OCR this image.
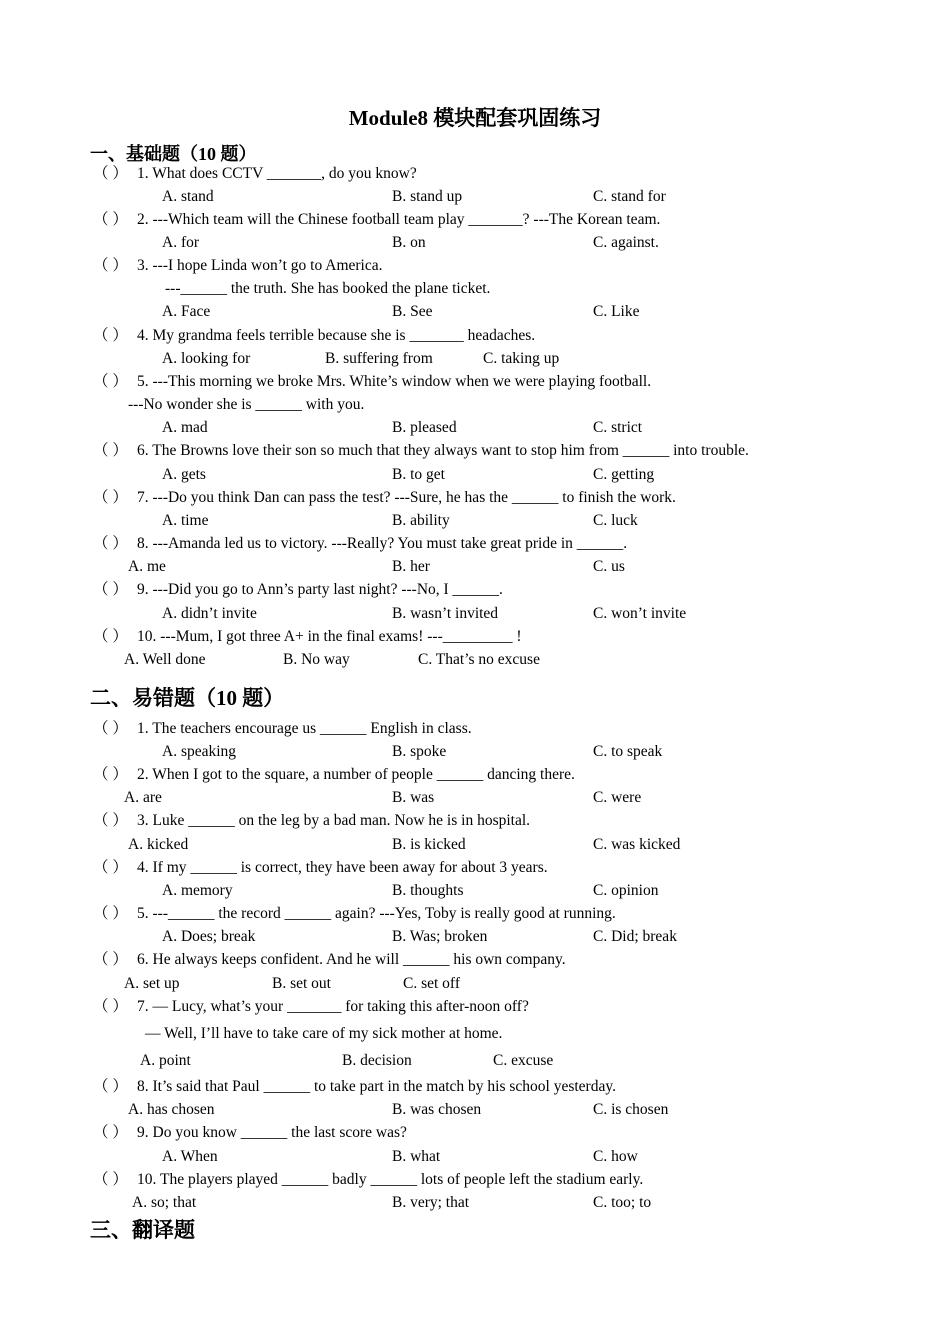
Module8 模块配套巩固练习
一、基础题（10 题）
（ ） 1. What does CCTV _______, do you know?
A. stand	B. stand up	C. stand for
（ ） 2. ---Which team will the Chinese football team play _______? ---The Korean team.
A. for	B. on	C. against.
（ ） 3. ---I hope Linda won’t go to America.
---______ the truth. She has booked the plane ticket.
A. Face	B. See	C. Like
（ ） 4. My grandma feels terrible because she is _______ headaches.
A. looking for	B. suffering from	C. taking up
（ ） 5. ---This morning we broke Mrs. White’s window when we were playing football.
---No wonder she is ______ with you.
A. mad	B. pleased	C. strict
（ ） 6. The Browns love their son so much that they always want to stop him from ______ into trouble.
A. gets	B. to get	C. getting
（ ） 7. ---Do you think Dan can pass the test? ---Sure, he has the ______ to finish the work.
A. time	B. ability	C. luck
（ ） 8. ---Amanda led us to victory. ---Really? You must take great pride in ______.
A. me	B. her	C. us
（ ） 9. ---Did you go to Ann’s party last night? ---No, I ______.
A. didn’t invite	B. wasn’t invited	C. won’t invite
（ ） 10. ---Mum, I got three A+ in the final exams! ---_________ !
A. Well done	B. No way	C. That’s no excuse
二、易错题（10 题）
（ ） 1. The teachers encourage us ______ English in class.
A. speaking	B. spoke	C. to speak
（ ） 2. When I got to the square, a number of people ______ dancing there.
A. are	B. was	C. were
（ ） 3. Luke ______ on the leg by a bad man. Now he is in hospital.
A. kicked	B. is kicked	C. was kicked
（ ） 4. If my ______ is correct, they have been away for about 3 years.
A. memory	B. thoughts	C. opinion
（ ） 5. ---______ the record ______ again? ---Yes, Toby is really good at running.
A. Does; break	B. Was; broken	C. Did; break
（ ） 6. He always keeps confident. And he will ______ his own company.
A. set up	B. set out	C. set off
（ ） 7. — Lucy, what’s your _______ for taking this after-noon off?
— Well, I’ll have to take care of my sick mother at home.
A. point	B. decision	C. excuse
（ ） 8. It’s said that Paul ______ to take part in the match by his school yesterday.
A. has chosen	B. was chosen	C. is chosen
（ ） 9. Do you know ______ the last score was?
A. When	B. what	C. how
（ ） 10. The players played ______ badly ______ lots of people left the stadium early.
A. so; that	B. very; that	C. too; to
三、翻译题
